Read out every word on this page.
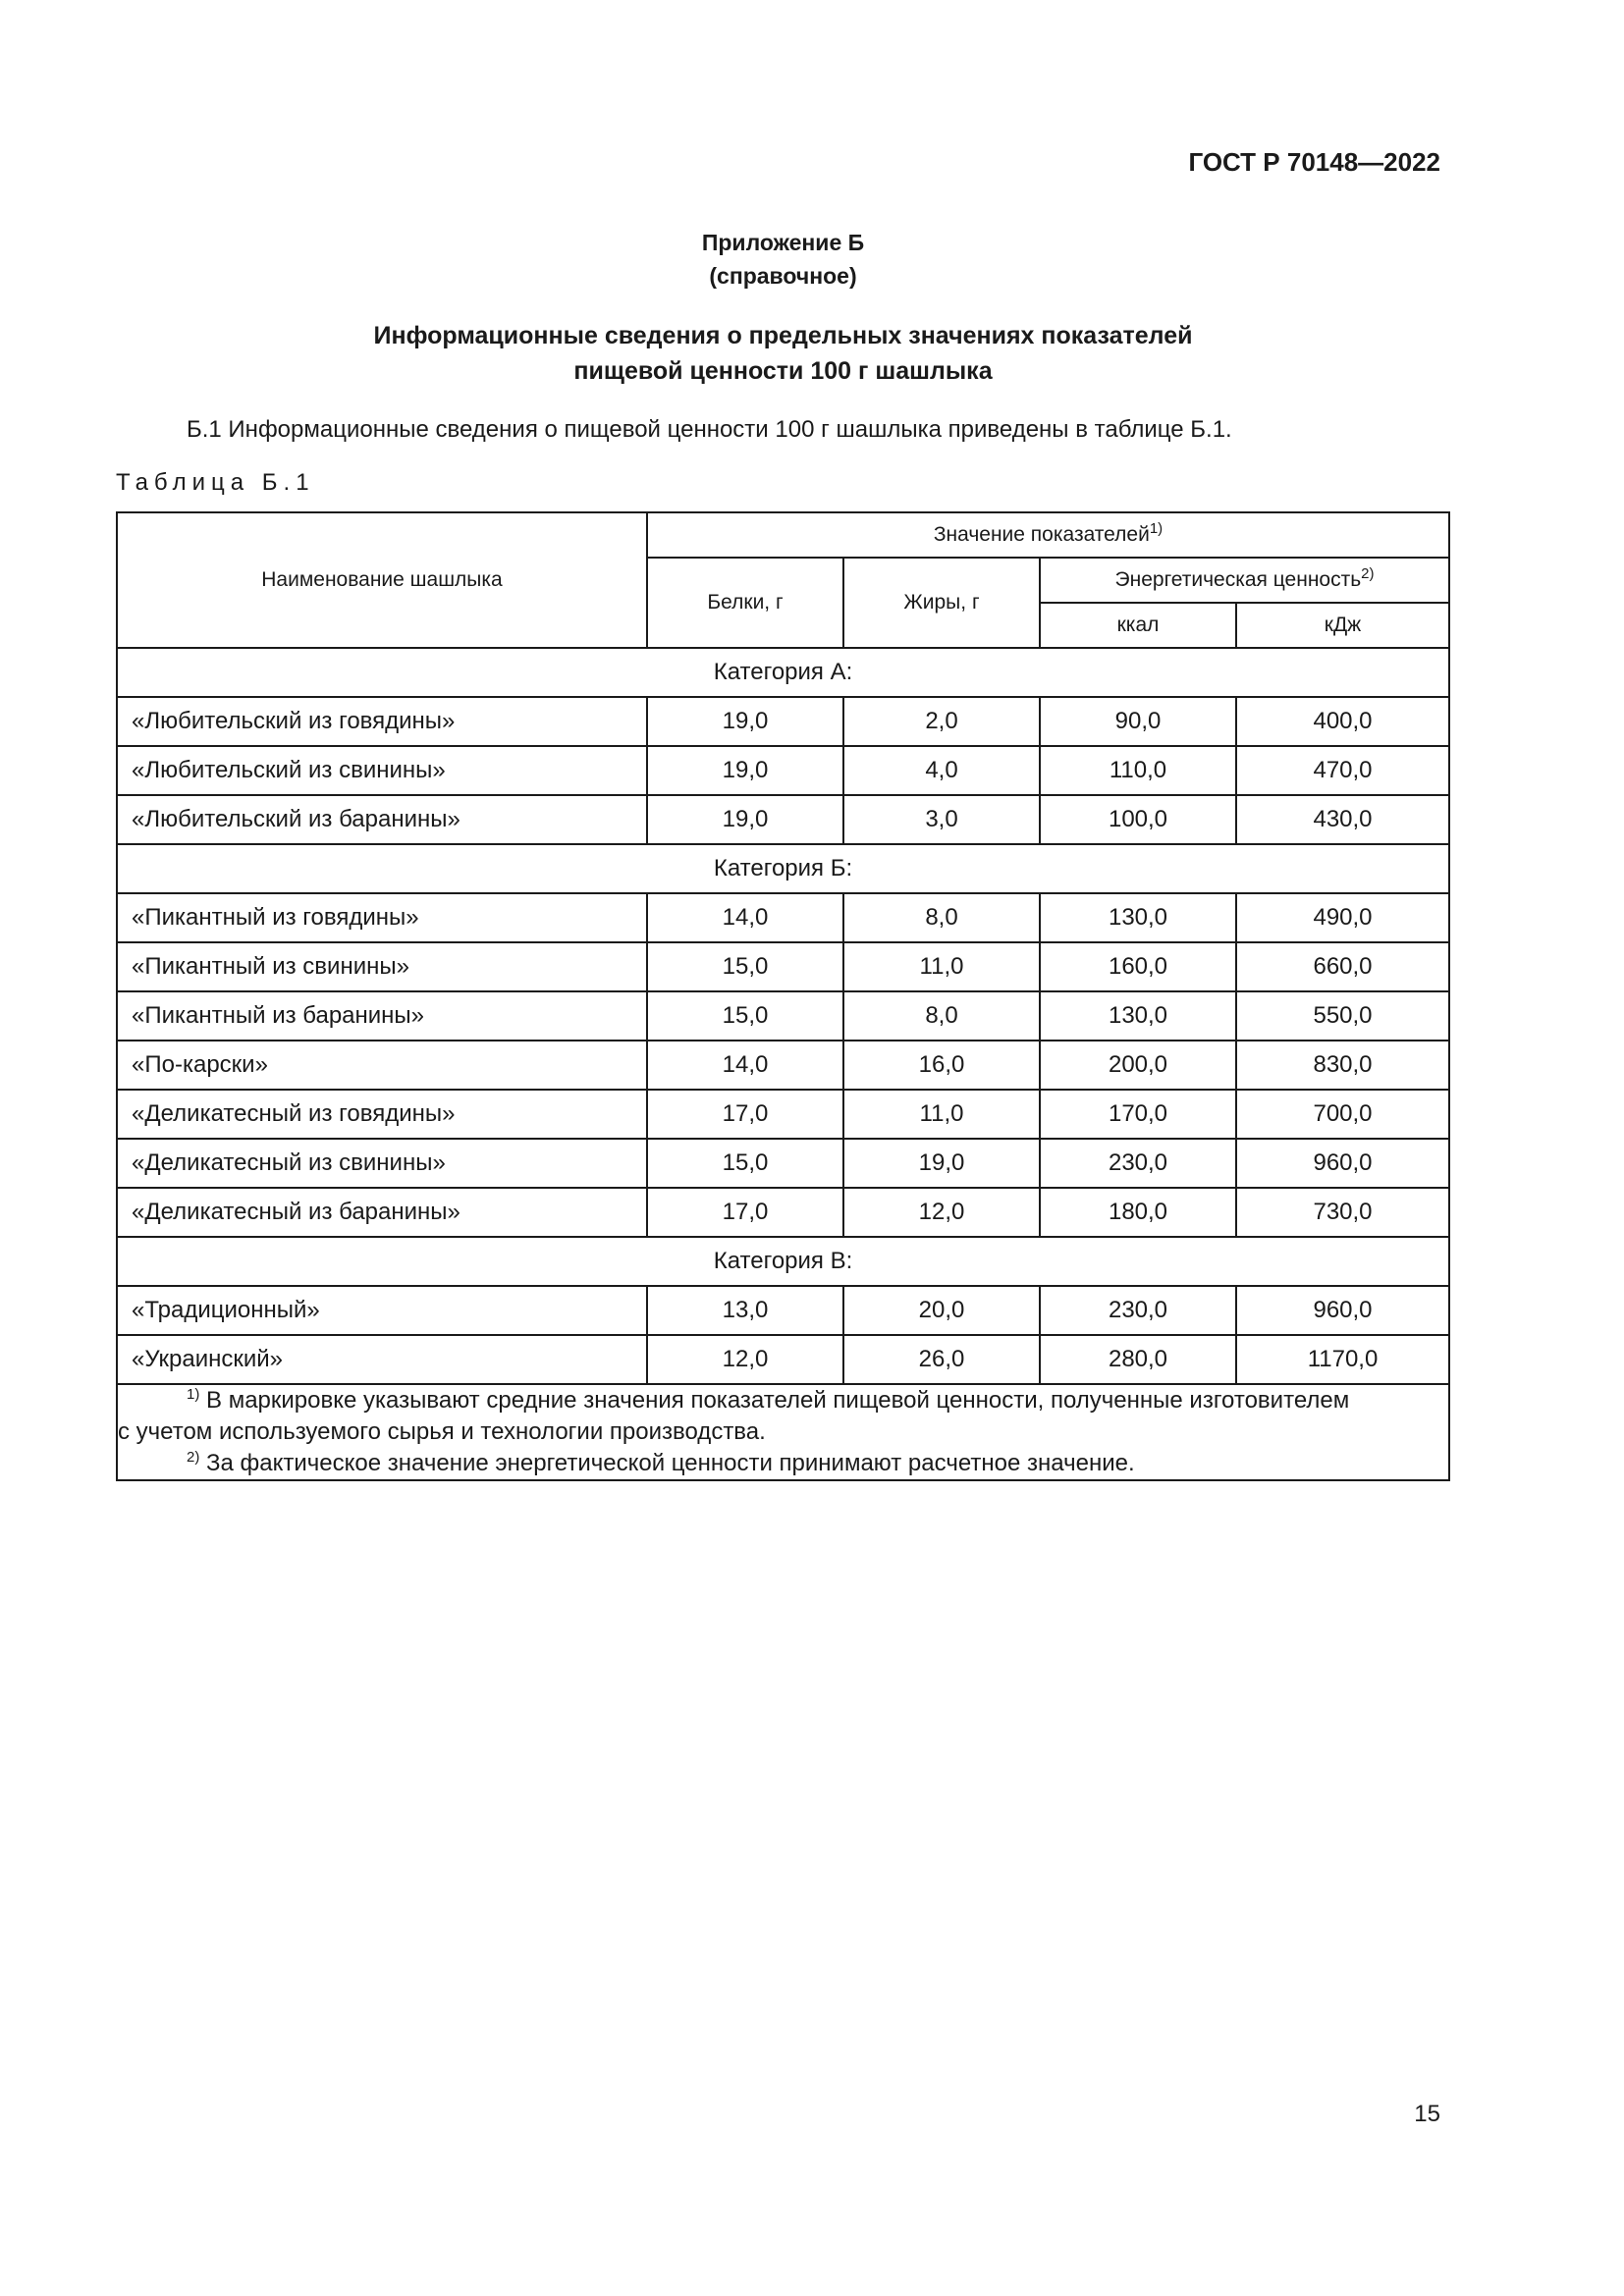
ГОСТ Р 70148—2022
Приложение Б
(справочное)
Информационные сведения о предельных значениях показателей
пищевой ценности 100 г шашлыка
Б.1 Информационные сведения о пищевой ценности 100 г шашлыка приведены в таблице Б.1.
Таблица Б.1
Наименование шашлыка	Значение показателей$^{1)}$
	Белки, г	Жиры, г	Энергетическая ценность$^{2)}$
			ккал	кДж
Категория А:				
«Любительский из говядины»	19,0	2,0	90,0	400,0
«Любительский из свинины»	19,0	4,0	110,0	470,0
«Любительский из баранины»	19,0	3,0	100,0	430,0
Категория Б:				
«Пикантный из говядины»	14,0	8,0	130,0	490,0
«Пикантный из свинины»	15,0	11,0	160,0	660,0
«Пикантный из баранины»	15,0	8,0	130,0	550,0
«По-карски»	14,0	16,0	200,0	830,0
«Деликатесный из говядины»	17,0	11,0	170,0	700,0
«Деликатесный из свинины»	15,0	19,0	230,0	960,0
«Деликатесный из баранины»	17,0	12,0	180,0	730,0
Категория В:				
«Традиционный»	13,0	20,0	230,0	960,0
«Украинский»	12,0	26,0	280,0	1170,0

$^{1)}$ В маркировке указывают средние значения показателей пищевой ценности, полученные изготовителем
с учетом используемого сырья и технологии производства.
$^{2)}$ За фактическое значение энергетической ценности принимают расчетное значение.				
15
